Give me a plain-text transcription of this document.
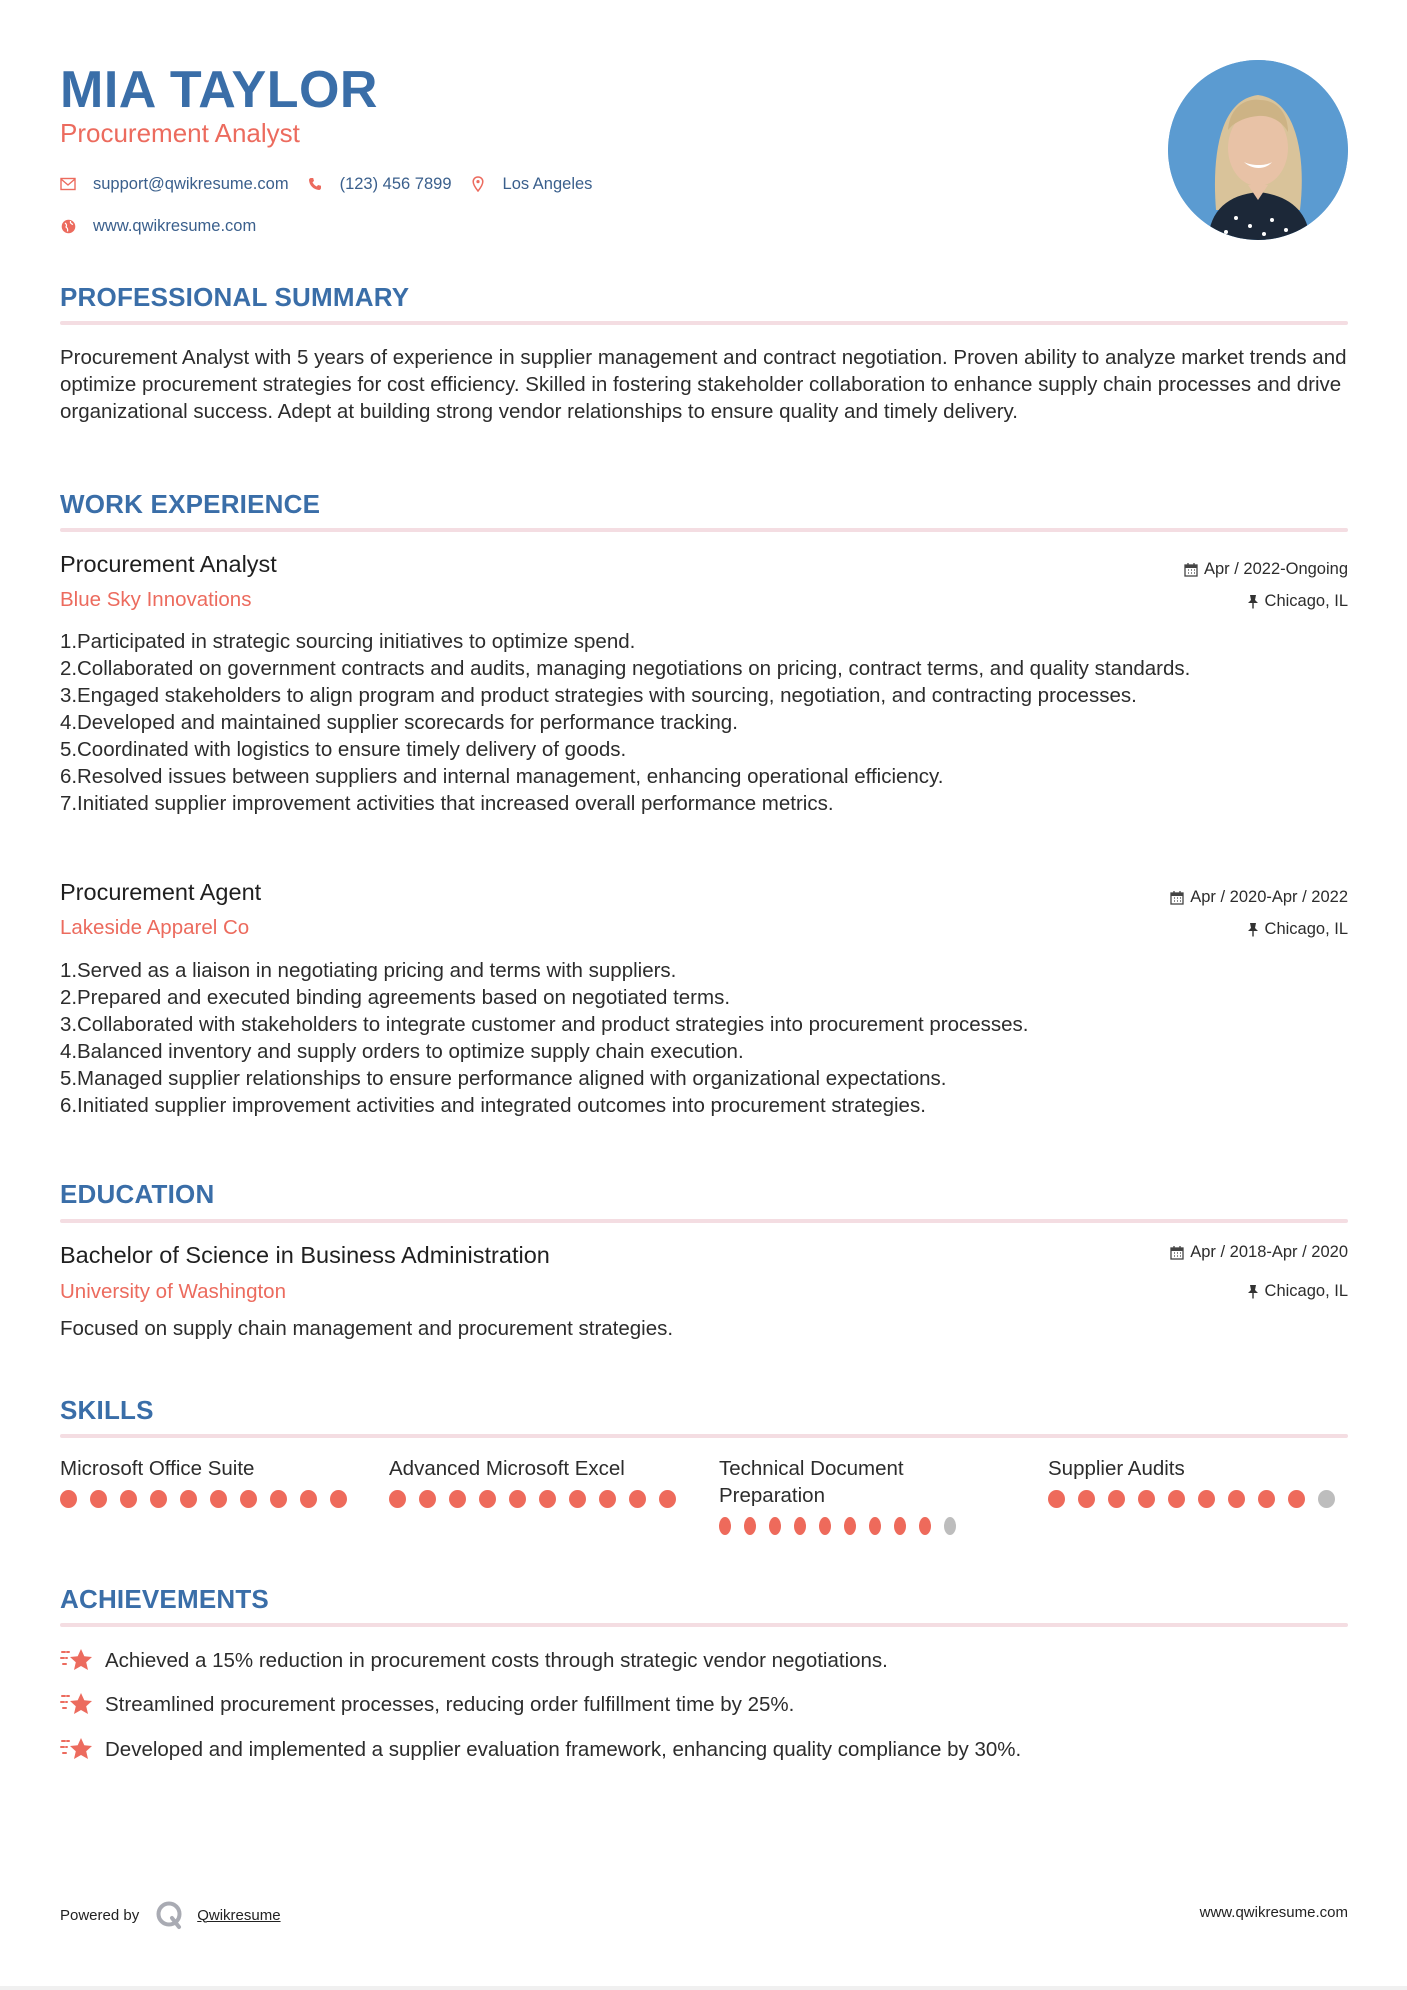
MIA TAYLOR
Procurement Analyst
support@qwikresume.com	(123) 456 7899	Los Angeles
www.qwikresume.com
PROFESSIONAL SUMMARY
Procurement Analyst with 5 years of experience in supplier management and contract negotiation. Proven ability to analyze market trends and optimize procurement strategies for cost efficiency. Skilled in fostering stakeholder collaboration to enhance supply chain processes and drive organizational success. Adept at building strong vendor relationships to ensure quality and timely delivery.
WORK EXPERIENCE
Procurement Analyst
Blue Sky Innovations
Apr / 2022-Ongoing
Chicago, IL
1. Participated in strategic sourcing initiatives to optimize spend.
2. Collaborated on government contracts and audits, managing negotiations on pricing, contract terms, and quality standards.
3. Engaged stakeholders to align program and product strategies with sourcing, negotiation, and contracting processes.
4. Developed and maintained supplier scorecards for performance tracking.
5. Coordinated with logistics to ensure timely delivery of goods.
6. Resolved issues between suppliers and internal management, enhancing operational efficiency.
7. Initiated supplier improvement activities that increased overall performance metrics.
Procurement Agent
Lakeside Apparel Co
Apr / 2020-Apr / 2022
Chicago, IL
1. Served as a liaison in negotiating pricing and terms with suppliers.
2. Prepared and executed binding agreements based on negotiated terms.
3. Collaborated with stakeholders to integrate customer and product strategies into procurement processes.
4. Balanced inventory and supply orders to optimize supply chain execution.
5. Managed supplier relationships to ensure performance aligned with organizational expectations.
6. Initiated supplier improvement activities and integrated outcomes into procurement strategies.
EDUCATION
Bachelor of Science in Business Administration
University of Washington
Apr / 2018-Apr / 2020
Chicago, IL
Focused on supply chain management and procurement strategies.
SKILLS
Microsoft Office Suite	Advanced Microsoft Excel	Technical Document Preparation
Supplier Audits
ACHIEVEMENTS
Achieved a 15% reduction in procurement costs through strategic vendor negotiations.
Streamlined procurement processes, reducing order fulfillment time by 25%.
Developed and implemented a supplier evaluation framework, enhancing quality compliance by 30%.
Powered by	Qwikresume	www.qwikresume.com
